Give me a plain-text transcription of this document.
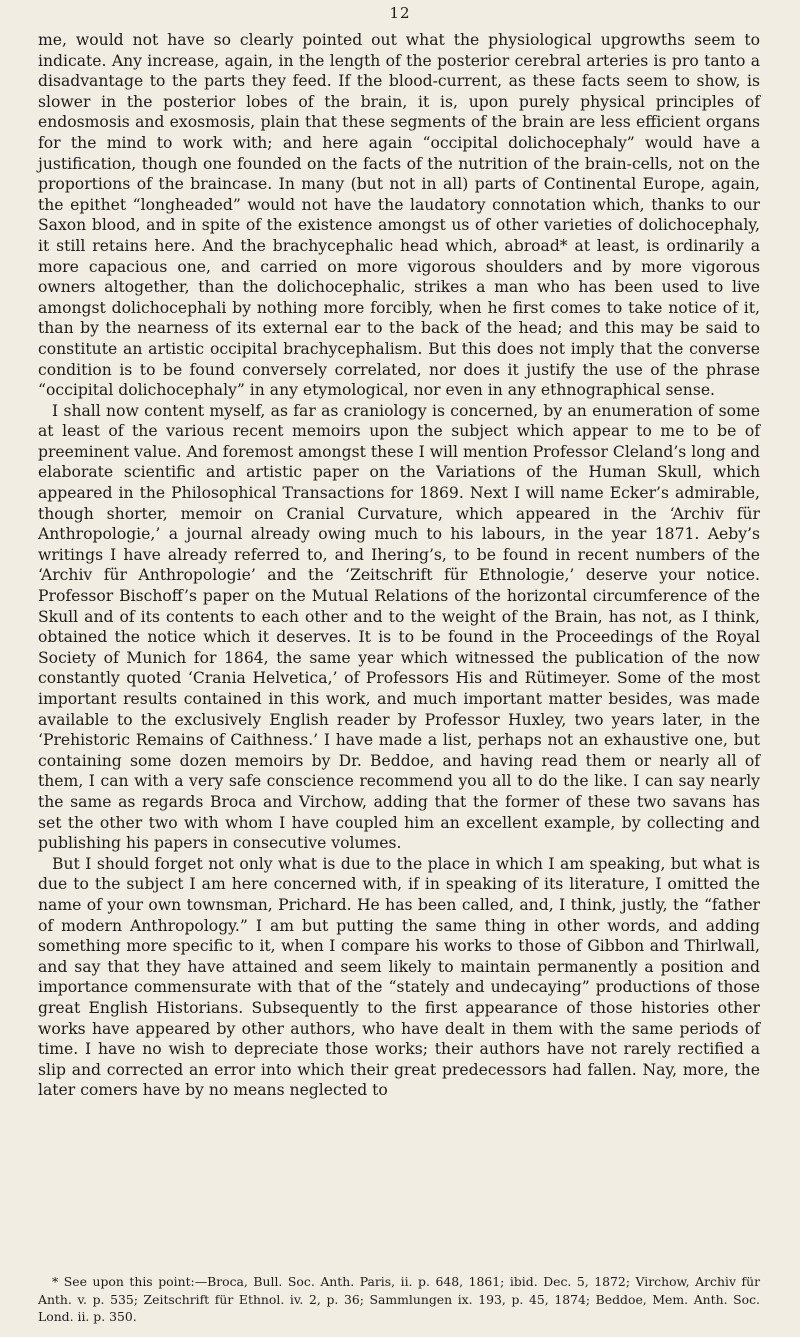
12

me, would not have so clearly pointed out what the physiological upgrowths seem to indicate. Any increase, again, in the length of the posterior cerebral arteries is pro tanto a disadvantage to the parts they feed. If the blood-current, as these facts seem to show, is slower in the posterior lobes of the brain, it is, upon purely physical principles of endosmosis and exosmosis, plain that these segments of the brain are less efficient organs for the mind to work with; and here again “occipital dolichocephaly” would have a justification, though one founded on the facts of the nutrition of the brain-cells, not on the proportions of the braincase. In many (but not in all) parts of Continental Europe, again, the epithet “longheaded” would not have the laudatory connotation which, thanks to our Saxon blood, and in spite of the existence amongst us of other varieties of dolichocephaly, it still retains here. And the brachycephalic head which, abroad* at least, is ordinarily a more capacious one, and carried on more vigorous shoulders and by more vigorous owners altogether, than the dolichocephalic, strikes a man who has been used to live amongst dolichocephali by nothing more forcibly, when he first comes to take notice of it, than by the nearness of its external ear to the back of the head; and this may be said to constitute an artistic occipital brachycephalism. But this does not imply that the converse condition is to be found conversely correlated, nor does it justify the use of the phrase “occipital dolichocephaly” in any etymological, nor even in any ethnographical sense.

I shall now content myself, as far as craniology is concerned, by an enumeration of some at least of the various recent memoirs upon the subject which appear to me to be of preeminent value. And foremost amongst these I will mention Professor Cleland’s long and elaborate scientific and artistic paper on the Variations of the Human Skull, which appeared in the Philosophical Transactions for 1869. Next I will name Ecker’s admirable, though shorter, memoir on Cranial Curvature, which appeared in the ‘Archiv für Anthropologie,’ a journal already owing much to his labours, in the year 1871. Aeby’s writings I have already referred to, and Ihering’s, to be found in recent numbers of the ‘Archiv für Anthropologie’ and the ‘Zeitschrift für Ethnologie,’ deserve your notice. Professor Bischoff’s paper on the Mutual Relations of the horizontal circumference of the Skull and of its contents to each other and to the weight of the Brain, has not, as I think, obtained the notice which it deserves. It is to be found in the Proceedings of the Royal Society of Munich for 1864, the same year which witnessed the publication of the now constantly quoted ‘Crania Helvetica,’ of Professors His and Rütimeyer. Some of the most important results contained in this work, and much important matter besides, was made available to the exclusively English reader by Professor Huxley, two years later, in the ‘Prehistoric Remains of Caithness.’ I have made a list, perhaps not an exhaustive one, but containing some dozen memoirs by Dr. Beddoe, and having read them or nearly all of them, I can with a very safe conscience recommend you all to do the like. I can say nearly the same as regards Broca and Virchow, adding that the former of these two savans has set the other two with whom I have coupled him an excellent example, by collecting and publishing his papers in consecutive volumes.

But I should forget not only what is due to the place in which I am speaking, but what is due to the subject I am here concerned with, if in speaking of its literature, I omitted the name of your own townsman, Prichard. He has been called, and, I think, justly, the “father of modern Anthropology.” I am but putting the same thing in other words, and adding something more specific to it, when I compare his works to those of Gibbon and Thirlwall, and say that they have attained and seem likely to maintain permanently a position and importance commensurate with that of the “stately and undecaying” productions of those great English Historians. Subsequently to the first appearance of those histories other works have appeared by other authors, who have dealt in them with the same periods of time. I have no wish to depreciate those works; their authors have not rarely rectified a slip and corrected an error into which their great predecessors had fallen. Nay, more, the later comers have by no means neglected to

* See upon this point:—Broca, Bull. Soc. Anth. Paris, ii. p. 648, 1861; ibid. Dec. 5, 1872; Virchow, Archiv für Anth. v. p. 535; Zeitschrift für Ethnol. iv. 2, p. 36; Sammlungen ix. 193, p. 45, 1874; Beddoe, Mem. Anth. Soc. Lond. ii. p. 350.
